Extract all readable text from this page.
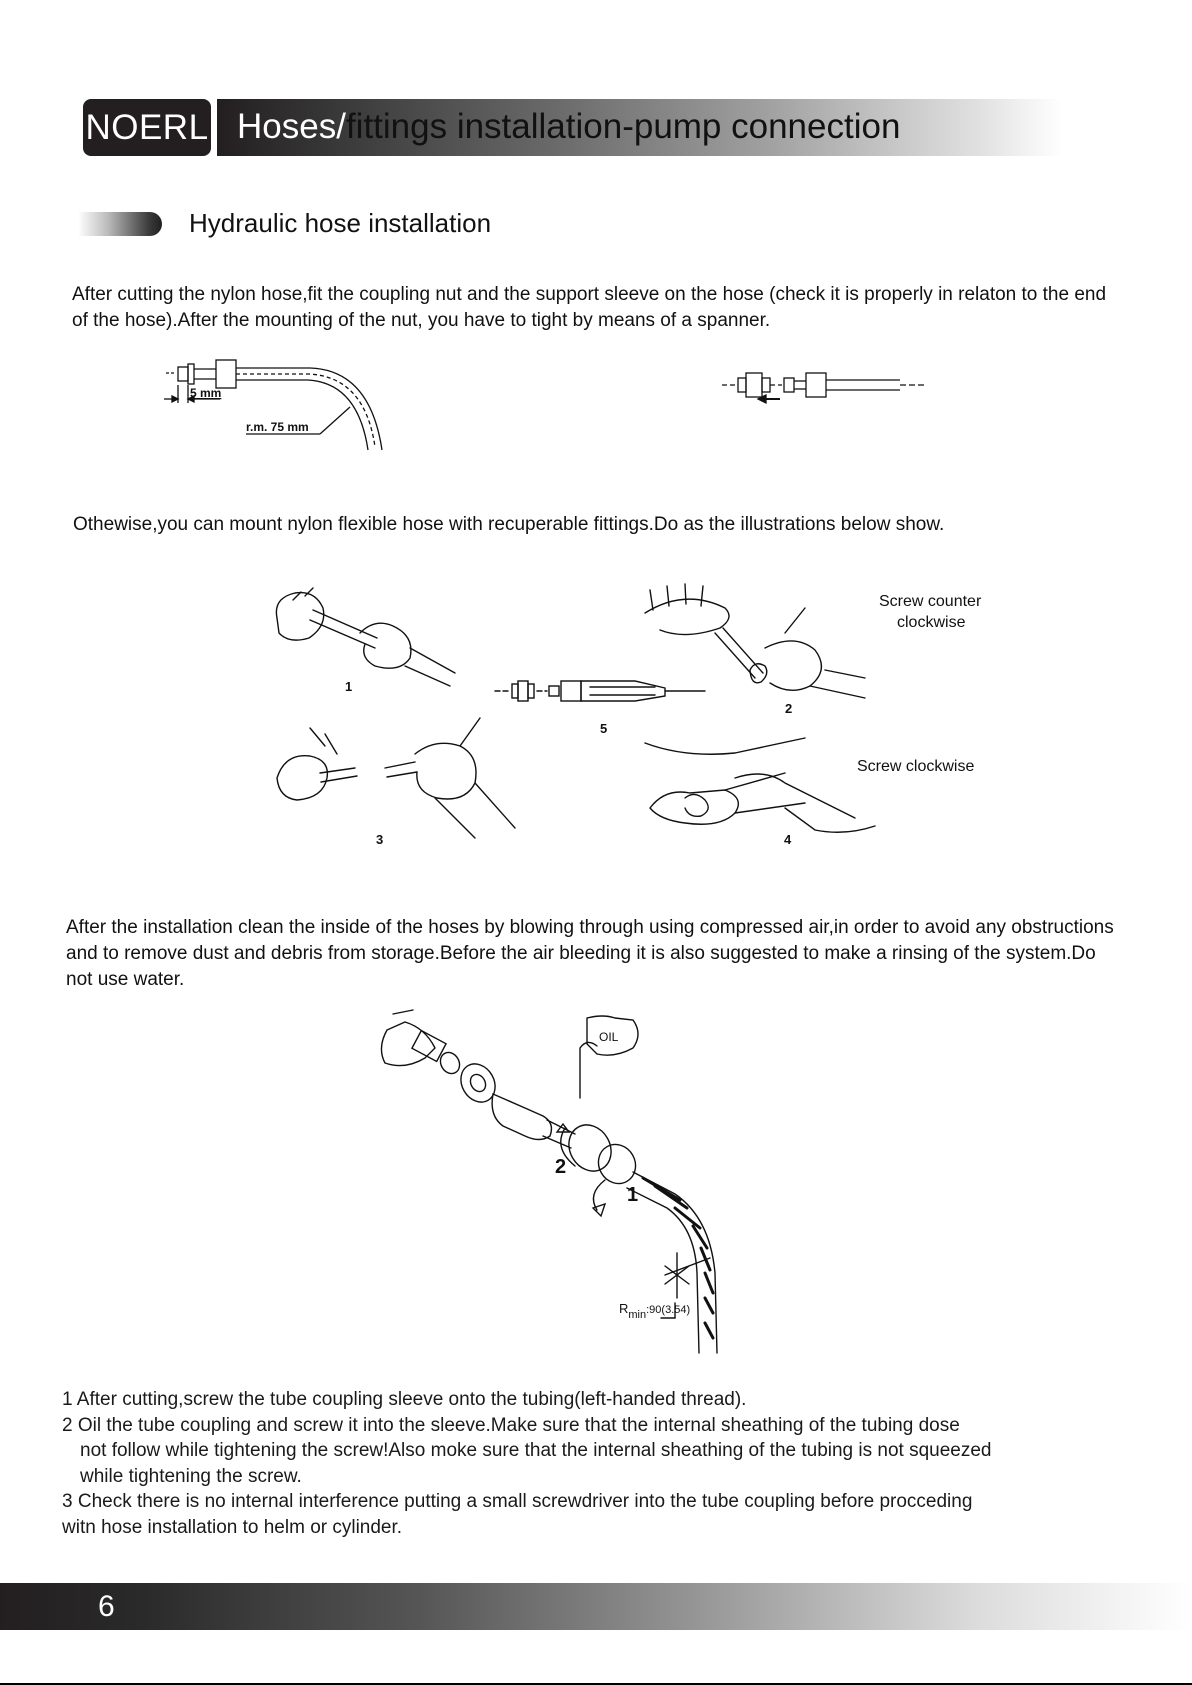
NOERL Hoses/fittings installation-pump connection
Hydraulic hose installation

After cutting the nylon hose,fit the coupling nut and the support sleeve on the hose (check it is properly in relaton to the end of the hose).After the mounting of the nut, you have to tight by means of a spanner.

5 mm
r.m. 75 mm

Othewise,you can mount nylon flexible hose with recuperable fittings.Do as the illustrations below show.

1
2
3	4
5
Screw counter
clockwise
Screw clockwise

After the installation clean the inside of the hoses by blowing through using compressed air,in order to avoid any obstructions and to remove dust and debris from storage.Before the air bleeding it is also suggested to make a rinsing of the system.Do not use water.

OIL
2
1
$R_{min}^{:90(3.54)}$
1 After cutting,screw the tube coupling sleeve onto the tubing(left-handed thread).
2 Oil the tube coupling and screw it into the sleeve.Make sure that the internal sheathing of the tubing dose
not follow while tightening the screw!Also moke sure that the internal sheathing of the tubing is not squeezed
while tightening the screw.
3 Check there is no internal interference putting a small screwdriver into the tube coupling before procceding
witn hose installation to helm or cylinder.
6
